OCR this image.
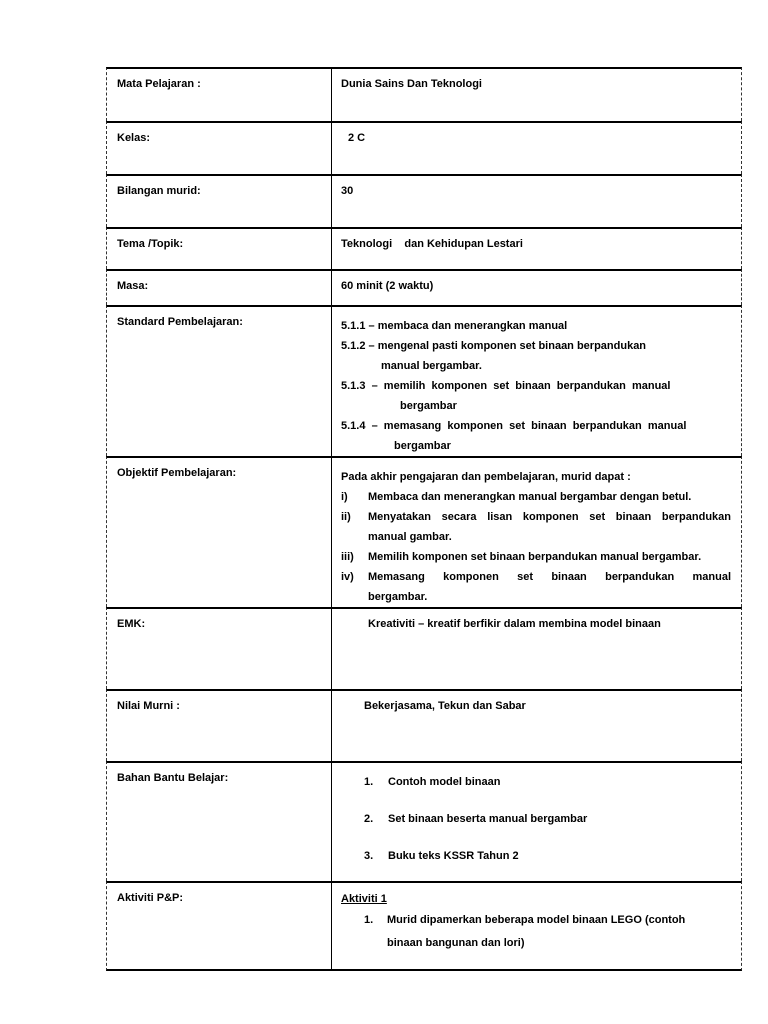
Mata Pelajaran :	Dunia Sains Dan Teknologi
Kelas:	2 C
Bilangan murid:	30
Tema /Topik:	Teknologi    dan Kehidupan Lestari
Masa:	60 minit (2 waktu)
Standard Pembelajaran:	5.1.1 – membaca dan menerangkan manual

5.1.2 – mengenal pasti komponen set binaan berpandukan

manual bergambar.

5.1.3  –  memilih  komponen  set  binaan  berpandukan  manual

bergambar

5.1.4  –  memasang  komponen  set  binaan  berpandukan  manual

bergambar

Objektif Pembelajaran:	Pada akhir pengajaran dan pembelajaran, murid dapat :

i)	Membaca dan menerangkan manual bergambar dengan betul.
ii)	Menyatakan secara lisan komponen set binaan berpandukan
manual gambar.
iii)	Memilih komponen set binaan berpandukan manual bergambar.
iv)	Memasang komponen set binaan berpandukan manual
bergambar.
EMK:	Kreativiti – kreatif berfikir dalam membina model binaan
Nilai Murni :	Bekerjasama, Tekun dan Sabar
Bahan Bantu Belajar:	1.	Contoh model binaan
2.	Set binaan beserta manual bergambar
3.	Buku teks KSSR Tahun 2
Aktiviti P&P:	Aktiviti 1

1.	Murid dipamerkan beberapa model binaan LEGO (contoh
binaan bangunan dan lori)
